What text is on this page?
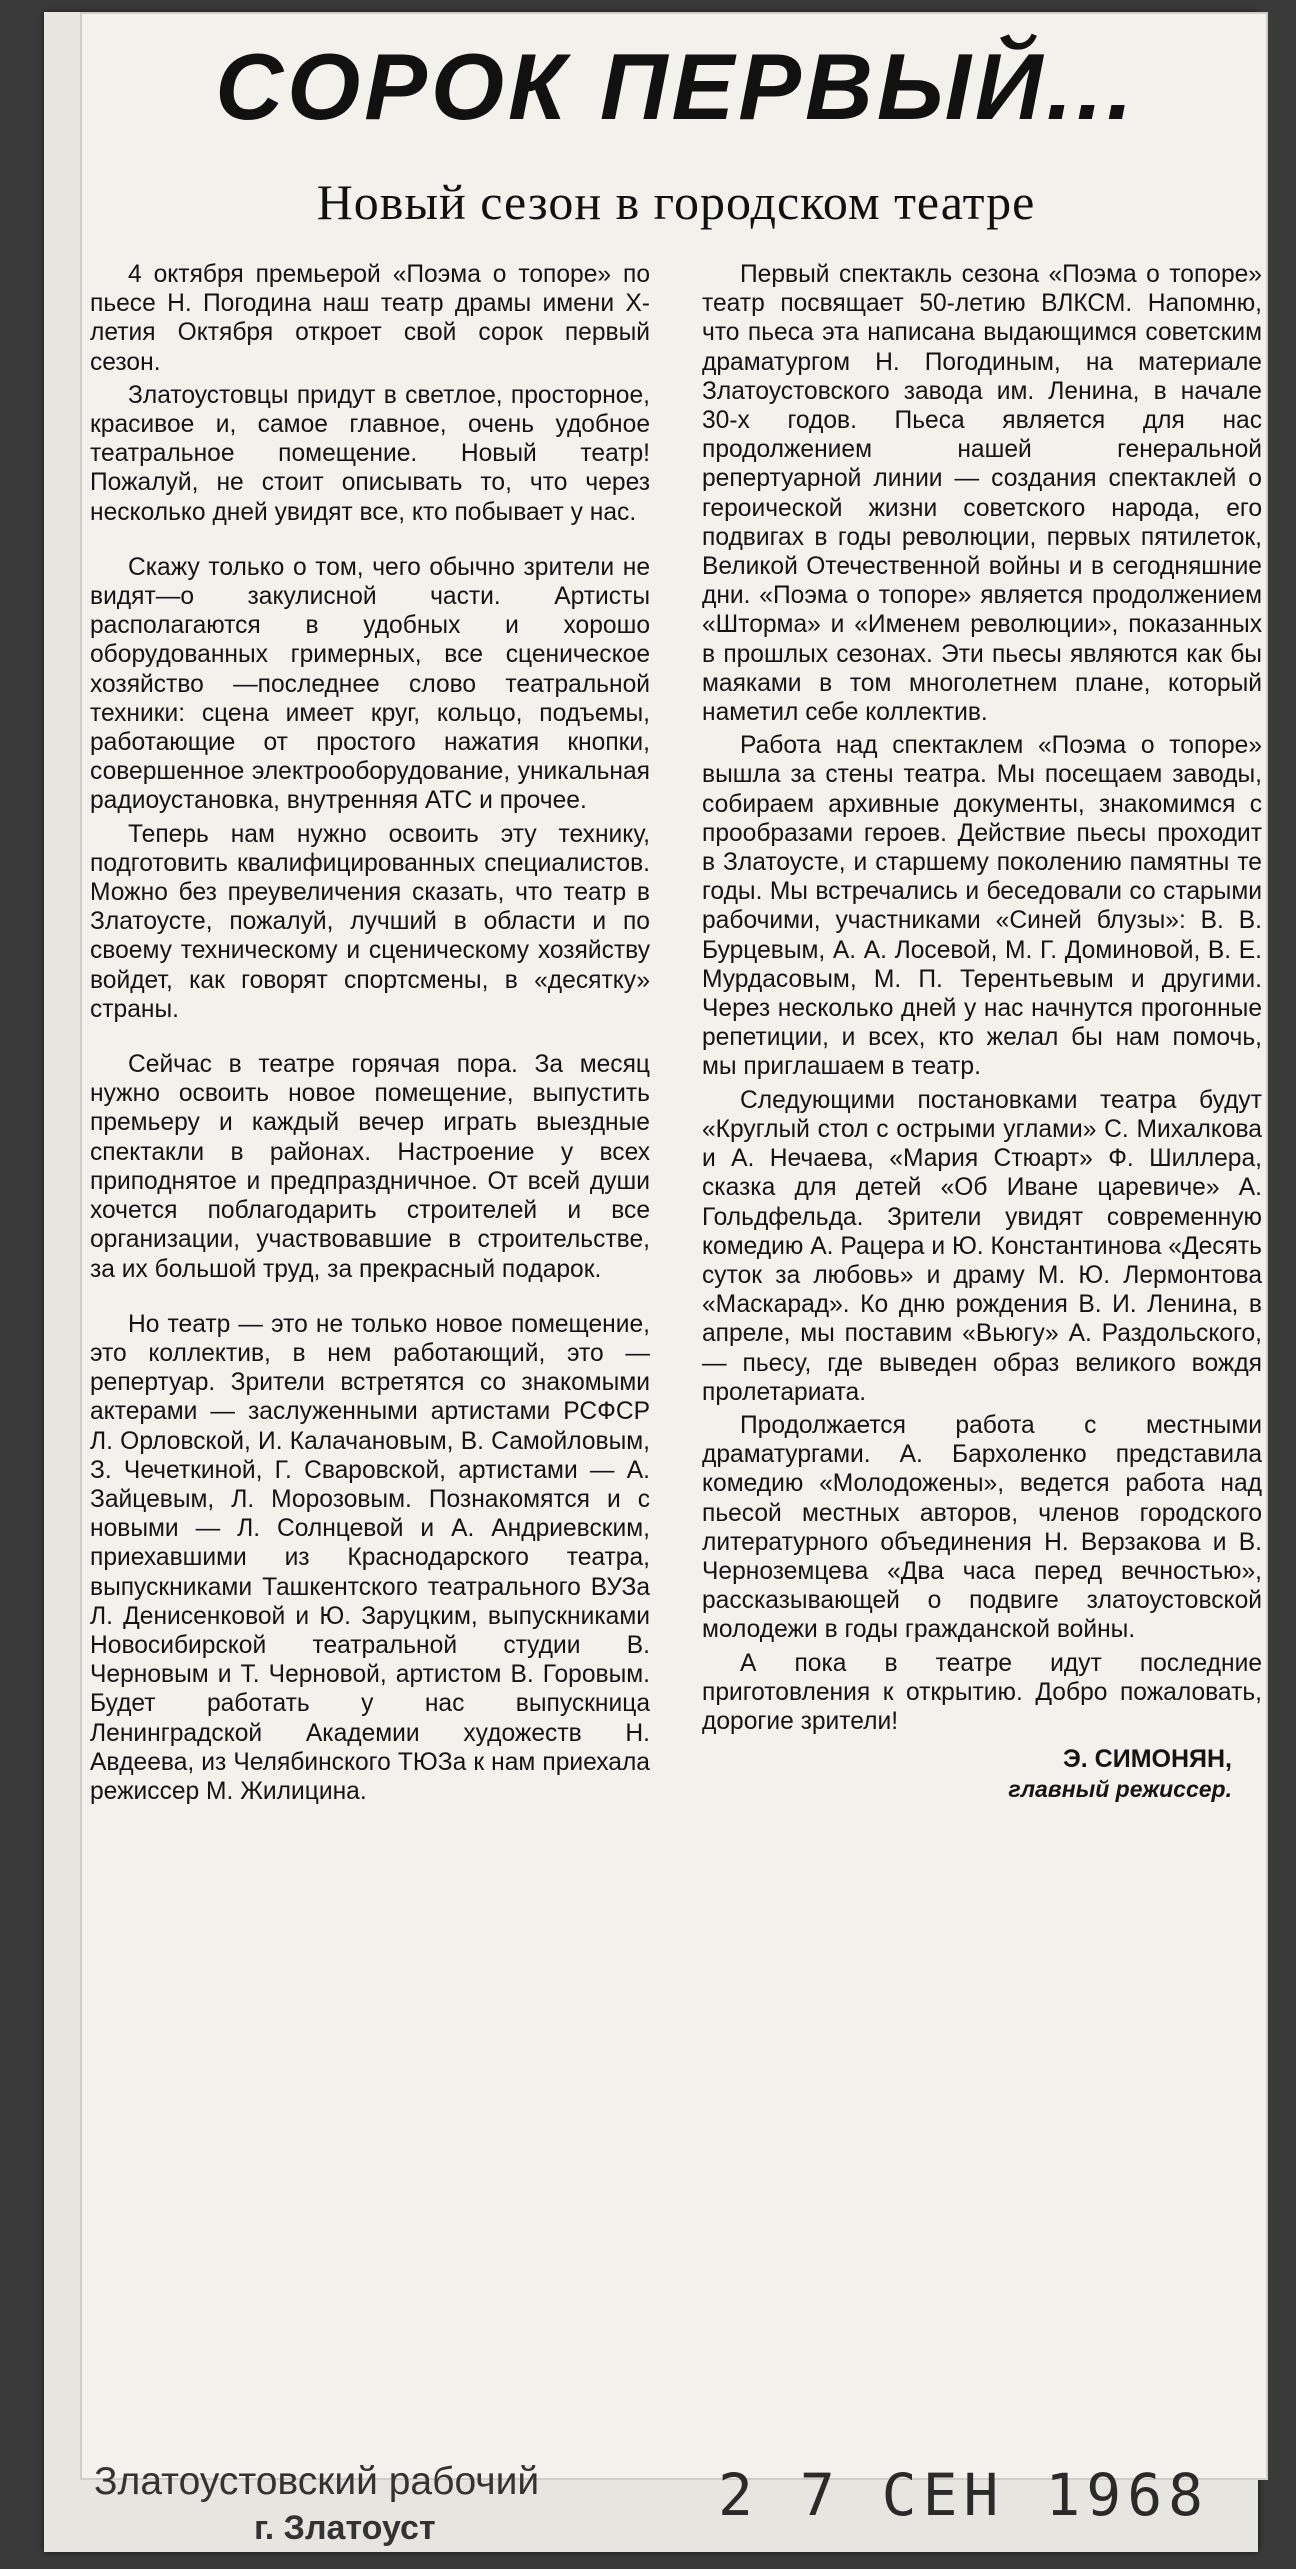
СОРОК ПЕРВЫЙ...
Новый сезон в городском театре

4 октября премьерой «Поэма о топоре» по пьесе Н. Погодина наш театр драмы имени X-летия Октября откроет свой сорок первый сезон.

Златоустовцы придут в светлое, просторное, красивое и, самое главное, очень удобное театральное помещение. Новый театр! Пожалуй, не стоит описывать то, что через несколько дней увидят все, кто побывает у нас.

Скажу только о том, чего обычно зрители не видят—о закулисной части. Артисты располагаются в удобных и хорошо оборудованных гримерных, все сценическое хозяйство —последнее слово театральной техники: сцена имеет круг, кольцо, подъемы, работающие от простого нажатия кнопки, совершенное электрооборудование, уникальная радиоустановка, внутренняя АТС и прочее.

Теперь нам нужно освоить эту технику, подготовить квалифицированных специалистов. Можно без преувеличения сказать, что театр в Златоусте, пожалуй, лучший в области и по своему техническому и сценическому хозяйству войдет, как говорят спортсмены, в «десятку» страны.

Сейчас в театре горячая пора. За месяц нужно освоить новое помещение, выпустить премьеру и каждый вечер играть выездные спектакли в районах. Настроение у всех приподнятое и предпраздничное. От всей души хочется поблагодарить строителей и все организации, участвовавшие в строительстве, за их большой труд, за прекрасный подарок.

Но театр — это не только новое помещение, это коллектив, в нем работающий, это — репертуар. Зрители встретятся со знакомыми актерами — заслуженными артистами РСФСР Л. Орловской, И. Калачановым, В. Самойловым, З. Чечеткиной, Г. Сваровской, артистами — А. Зайцевым, Л. Морозовым. Познакомятся и с новыми — Л. Солнцевой и А. Андриевским, приехавшими из Краснодарского театра, выпускниками Ташкентского театрального ВУЗа Л. Денисенковой и Ю. Заруцким, выпускниками Новосибирской театральной студии В. Черновым и Т. Черновой, артистом В. Горовым. Будет работать у нас выпускница Ленинградской Академии художеств Н. Авдеева, из Челябинского ТЮЗа к нам приехала режиссер М. Жилицина.

Первый спектакль сезона «Поэма о топоре» театр посвящает 50-летию ВЛКСМ. Напомню, что пьеса эта написана выдающимся советским драматургом Н. Погодиным, на материале Златоустовского завода им. Ленина, в начале 30-х годов. Пьеса является для нас продолжением нашей генеральной репертуарной линии — создания спектаклей о героической жизни советского народа, его подвигах в годы революции, первых пятилеток, Великой Отечественной войны и в сегодняшние дни. «Поэма о топоре» является продолжением «Шторма» и «Именем революции», показанных в прошлых сезонах. Эти пьесы являются как бы маяками в том многолетнем плане, который наметил себе коллектив.

Работа над спектаклем «Поэма о топоре» вышла за стены театра. Мы посещаем заводы, собираем архивные документы, знакомимся с прообразами героев. Действие пьесы проходит в Златоусте, и старшему поколению памятны те годы. Мы встречались и беседовали со старыми рабочими, участниками «Синей блузы»: В. В. Бурцевым, А. А. Лосевой, М. Г. Доминовой, В. Е. Мурдасовым, М. П. Терентьевым и другими. Через несколько дней у нас начнутся прогонные репетиции, и всех, кто желал бы нам помочь, мы приглашаем в театр.

Следующими постановками театра будут «Круглый стол с острыми углами» С. Михалкова и А. Нечаева, «Мария Стюарт» Ф. Шиллера, сказка для детей «Об Иване царевиче» А. Гольдфельда. Зрители увидят современную комедию А. Рацера и Ю. Константинова «Десять суток за любовь» и драму М. Ю. Лермонтова «Маскарад». Ко дню рождения В. И. Ленина, в апреле, мы поставим «Вьюгу» А. Раздольского, — пьесу, где выведен образ великого вождя пролетариата.

Продолжается работа с местными драматургами. А. Бархоленко представила комедию «Молодожены», ведется работа над пьесой местных авторов, членов городского литературного объединения Н. Верзакова и В. Черноземцева «Два часа перед вечностью», рассказывающей о подвиге златоустовской молодежи в годы гражданской войны.

А пока в театре идут последние приготовления к открытию. Добро пожаловать, дорогие зрители!

Э. СИМОНЯН,
главный режиссер.
Златоустовский рабочий
г. Златоуст	2 7 СЕН 1968
